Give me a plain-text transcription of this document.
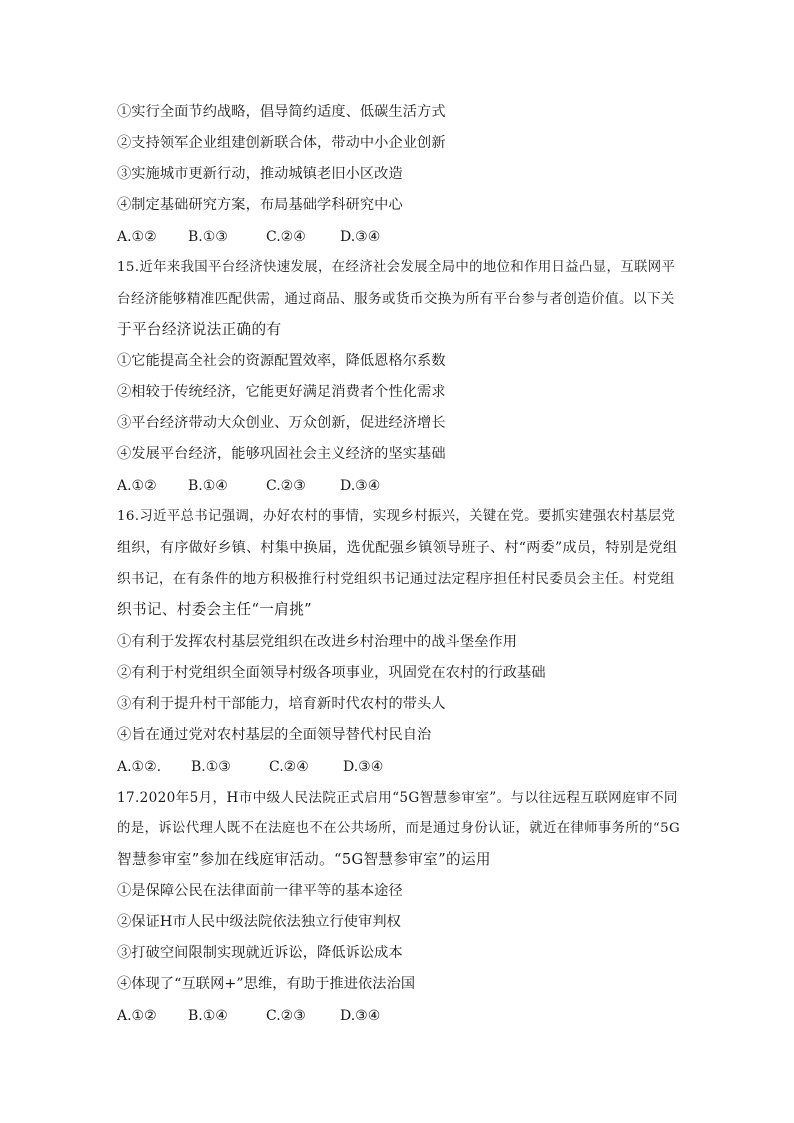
①实行全面节约战略，倡导简约适度、低碳生活方式
②支持领军企业组建创新联合体，带动中小企业创新
③实施城市更新行动，推动城镇老旧小区改造
④制定基础研究方案，布局基础学科研究中心
A.①② B.①③	C.②④ D.③④
15.近年来我国平台经济快速发展，在经济社会发展全局中的地位和作用日益凸显，互联网平
台经济能够精准匹配供需，通过商品、服务或货币交换为所有平台参与者创造价值。以下关
于平台经济说法正确的有
①它能提高全社会的资源配置效率，降低恩格尔系数
②相较于传统经济，它能更好满足消费者个性化需求
③平台经济带动大众创业、万众创新，促进经济增长
④发展平台经济，能够巩固社会主义经济的坚实基础
A.①② B.①④	C.②③ D.③④
16.习近平总书记强调，办好农村的事情，实现乡村振兴，关键在党。要抓实建强农村基层党
组织，有序做好乡镇、村集中换届，选优配强乡镇领导班子、村“两委”成员，特别是党组
织书记，在有条件的地方积极推行村党组织书记通过法定程序担任村民委员会主任。村党组
织书记、村委会主任“一肩挑”
①有利于发挥农村基层党组织在改进乡村治理中的战斗堡垒作用
②有利于村党组织全面领导村级各项事业，巩固党在农村的行政基础
③有利于提升村干部能力，培育新时代农村的带头人
④旨在通过党对农村基层的全面领导替代村民自治
A.①②. B.①③	C.②④ D.③④
17.2020年5月，H市中级人民法院正式启用“5G智慧参审室”。与以往远程互联网庭审不同
的是，诉讼代理人既不在法庭也不在公共场所，而是通过身份认证，就近在律师事务所的“5G
智慧参审室”参加在线庭审活动。“5G智慧参审室”的运用
①是保障公民在法律面前一律平等的基本途径
②保证H市人民中级法院依法独立行使审判权
③打破空间限制实现就近诉讼，降低诉讼成本
④体现了“互联网+”思维，有助于推进依法治国
A.①② B.①④	C.②③ D.③④
